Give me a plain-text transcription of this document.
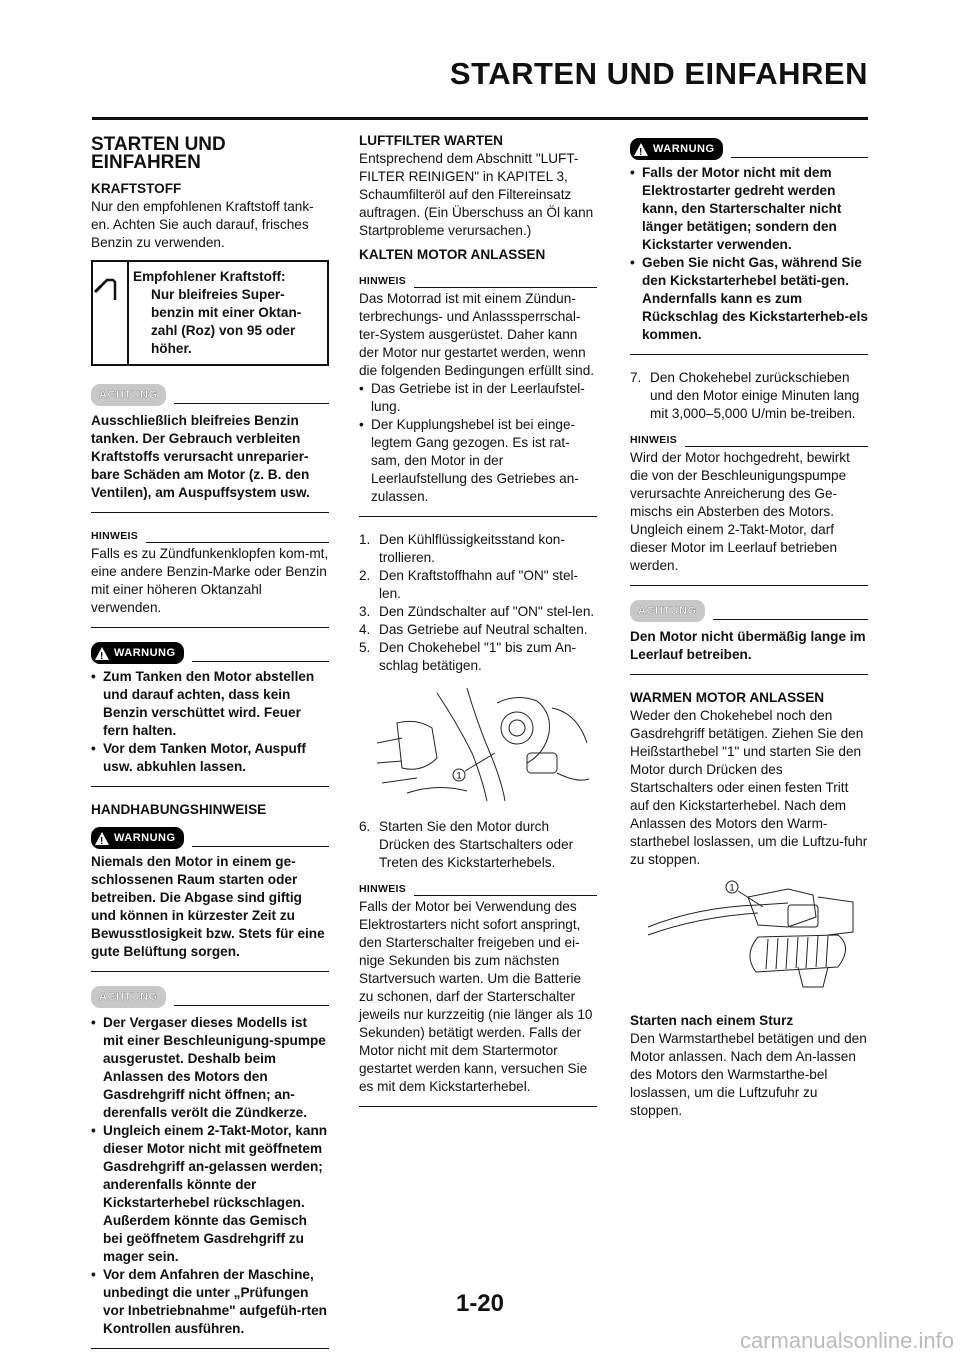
STARTEN UND EINFAHREN
STARTEN UND EINFAHREN

KRAFTSTOFF

Nur den empfohlenen Kraftstoff tank-en. Achten Sie auch darauf, frisches Benzin zu verwenden.

Empfohlener Kraftstoff:
Nur bleifreies Super-benzin mit einer Oktan-zahl (Roz) von 95 oder höher.
ACHTUNG

Ausschließlich bleifreies Benzin tanken. Der Gebrauch verbleiten Kraftstoffs verursacht unreparier-bare Schäden am Motor (z. B. den Ventilen), am Auspuffsystem usw.

HINWEIS

Falls es zu Zündfunkenklopfen kom-mt, eine andere Benzin-Marke oder Benzin mit einer höheren Oktanzahl verwenden.

! WARNUNG
• Zum Tanken den Motor abstellen und darauf achten, dass kein Benzin verschüttet wird. Feuer fern halten.
• Vor dem Tanken Motor, Auspuff usw. abkuhlen lassen.

HANDHABUNGSHINWEISE

! WARNUNG

Niemals den Motor in einem ge-schlossenen Raum starten oder betreiben. Die Abgase sind giftig und können in kürzester Zeit zu Bewusstlosigkeit bzw. Stets für eine gute Belüftung sorgen.

ACHTUNG
• Der Vergaser dieses Modells ist mit einer Beschleunigung-spumpe ausgerustet. Deshalb beim Anlassen des Motors den Gasdrehgriff nicht öffnen; an-derenfalls verölt die Zündkerze.
• Ungleich einem 2-Takt-Motor, kann dieser Motor nicht mit geöffnetem Gasdrehgriff an-gelassen werden; anderenfalls könnte der Kickstarterhebel rückschlagen. Außerdem könnte das Gemisch bei geöffnetem Gasdrehgriff zu mager sein.
• Vor dem Anfahren der Maschine, unbedingt die unter „Prüfungen vor Inbetriebnahme" aufgefüh-rten Kontrollen ausführen.

LUFTFILTER WARTEN

Entsprechend dem Abschnitt "LUFT-FILTER REINIGEN" in KAPITEL 3, Schaumfilteröl auf den Filtereinsatz auftragen. (Ein Überschuss an Öl kann Startprobleme verursachen.)

KALTEN MOTOR ANLASSEN

HINWEIS

Das Motorrad ist mit einem Zündun-terbrechungs- und Anlasssperrschal-ter-System ausgerüstet. Daher kann der Motor nur gestartet werden, wenn die folgenden Bedingungen erfüllt sind.

• Das Getriebe ist in der Leerlaufstel-lung.
• Der Kupplungshebel ist bei einge-legtem Gang gezogen. Es ist rat-sam, den Motor in der Leerlaufstellung des Getriebes an-zulassen.
1. Den Kühlflüssigkeitsstand kon-trollieren.
2. Den Kraftstoffhahn auf "ON" stel-len.
3. Den Zündschalter auf "ON" stel-len.
4. Das Getriebe auf Neutral schalten.
5. Den Chokehebel "1" bis zum An-schlag betätigen.
1
6. Starten Sie den Motor durch Drücken des Startschalters oder Treten des Kickstarterhebels.
HINWEIS

Falls der Motor bei Verwendung des Elektrostarters nicht sofort anspringt, den Starterschalter freigeben und ei-nige Sekunden bis zum nächsten Startversuch warten. Um die Batterie zu schonen, darf der Starterschalter jeweils nur kurzzeitig (nie länger als 10 Sekunden) betätigt werden. Falls der Motor nicht mit dem Startermotor gestartet werden kann, versuchen Sie es mit dem Kickstarterhebel.

! WARNUNG
• Falls der Motor nicht mit dem Elektrostarter gedreht werden kann, den Starterschalter nicht länger betätigen; sondern den Kickstarter verwenden.
• Geben Sie nicht Gas, während Sie den Kickstarterhebel betäti-gen. Andernfalls kann es zum Rückschlag des Kickstarterheb-els kommen.
7. Den Chokehebel zurückschieben und den Motor einige Minuten lang mit 3,000–5,000 U/min be-treiben.
HINWEIS

Wird der Motor hochgedreht, bewirkt die von der Beschleunigungspumpe verursachte Anreicherung des Ge-mischs ein Absterben des Motors. Ungleich einem 2-Takt-Motor, darf dieser Motor im Leerlauf betrieben werden.

ACHTUNG

Den Motor nicht übermäßig lange im Leerlauf betreiben.

WARMEN MOTOR ANLASSEN

Weder den Chokehebel noch den Gasdrehgriff betätigen. Ziehen Sie den Heißstarthebel "1" und starten Sie den Motor durch Drücken des Startschalters oder einen festen Tritt auf den Kickstarterhebel. Nach dem Anlassen des Motors den Warm-starthebel loslassen, um die Luftzu-fuhr zu stoppen.

1

Starten nach einem Sturz

Den Warmstarthebel betätigen und den Motor anlassen. Nach dem An-lassen des Motors den Warmstarthe-bel loslassen, um die Luftzufuhr zu stoppen.

1-20
carmanualsonline.info
